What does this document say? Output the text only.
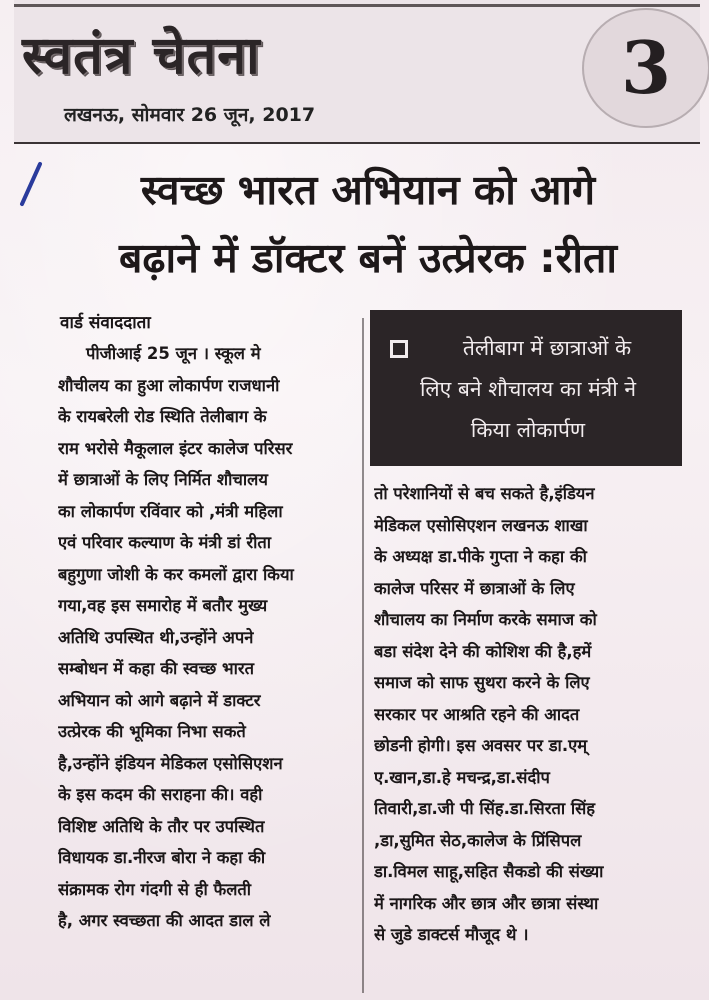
स्वतंत्र चेतना	3
लखनऊ, सोमवार 26 जून, 2017
स्वच्छ भारत अभियान को आगे
बढ़ाने में डॉक्टर बनें उत्प्रेरक :रीता
वार्ड संवाददाता
पीजीआई 25 जून । स्कूल मे
शौचीलय का हुआ लोकार्पण राजधानी
के रायबरेली रोड स्थिति तेलीबाग के
राम भरोसे मैकूलाल इंटर कालेज परिसर
में छात्राओं के लिए निर्मित शौचालय
का लोकार्पण रविंवार को ,मंत्री महिला
एवं परिवार कल्याण के मंत्री डां रीता
बहुगुणा जोशी के कर कमलों द्वारा किया
गया,वह इस समारोह में बतौर मुख्य
अतिथि उपस्थित थी,उन्होंने अपने
सम्बोधन में कहा की स्वच्छ भारत
अभियान को आगे बढ़ाने में डाक्टर
उत्प्रेरक की भूमिका निभा सकते
है,उन्होंने इंडियन मेडिकल एसोसिएशन
के इस कदम की सराहना की। वही
विशिष्ट अतिथि के तौर पर उपस्थित
विधायक डा.नीरज बोरा ने कहा की
संक्रामक रोग गंदगी से ही फैलती
है, अगर स्वच्छता की आदत डाल ले
तेलीबाग में छात्राओं के
लिए बने शौचालय का मंत्री ने
किया लोकार्पण
तो परेशानियों से बच सकते है,इंडियन
मेडिकल एसोसिएशन लखनऊ शाखा
के अध्यक्ष डा.पीके गुप्ता ने कहा की
कालेज परिसर में छात्राओं के लिए
शौचालय का निर्माण करके समाज को
बडा संदेश देने की कोशिश की है,हमें
समाज को साफ सुथरा करने के लिए
सरकार पर आश्रति रहने की आदत
छोडनी होगी। इस अवसर पर डा.एम्
ए.खान,डा.हे मचन्द्र,डा.संदीप
तिवारी,डा.जी पी सिंह.डा.सिरता सिंह
,डा,सुमित सेठ,कालेज के प्रिंसिपल
डा.विमल साहू,सहित सैकडो की संख्या
में नागरिक और छात्र और छात्रा संस्था
से जुडे डाक्टर्स मौजूद थे ।
